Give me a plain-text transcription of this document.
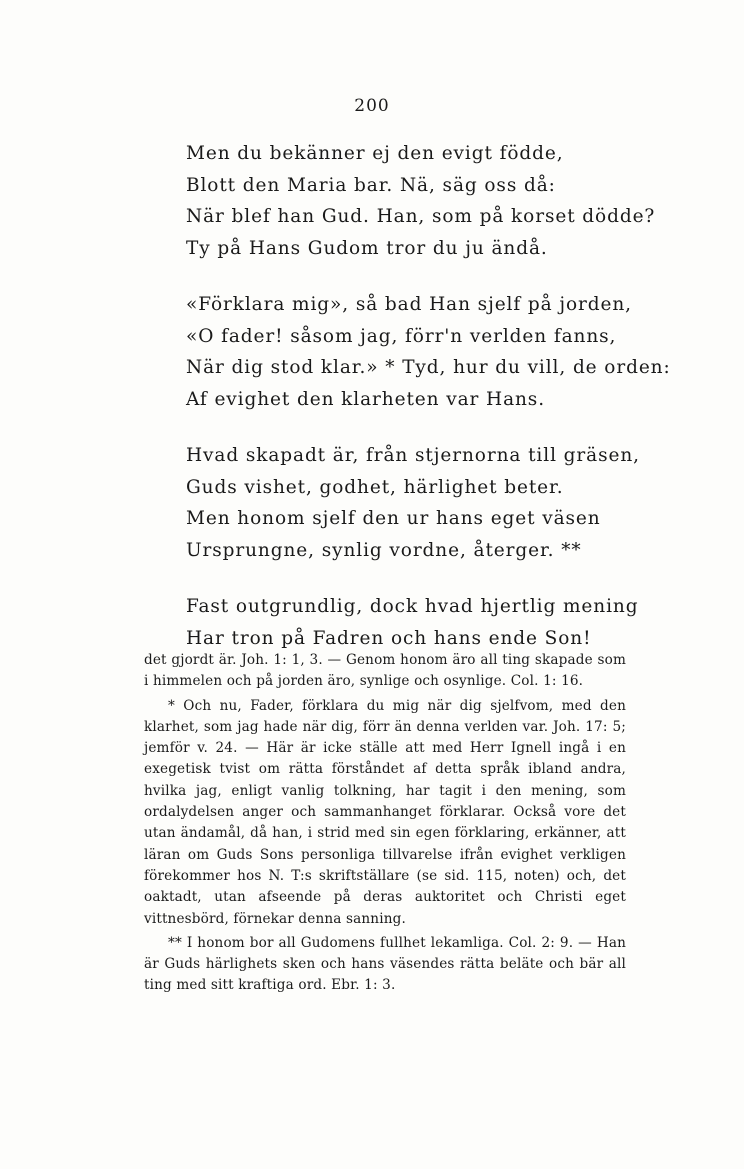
200
Men du bekänner ej den evigt födde,
Blott den Maria bar. Nä, säg oss då:
När blef han Gud. Han, som på korset dödde?
Ty på Hans Gudom tror du ju ändå.
«Förklara mig», så bad Han sjelf på jorden,
«O fader! såsom jag, förr'n verlden fanns,
När dig stod klar.» * Tyd, hur du vill, de orden:
Af evighet den klarheten var Hans.
Hvad skapadt är, från stjernorna till gräsen,
Guds vishet, godhet, härlighet beter.
Men honom sjelf den ur hans eget väsen
Ursprungne, synlig vordne, återger. **
Fast outgrundlig, dock hvad hjertlig mening
Har tron på Fadren och hans ende Son!

det gjordt är. Joh. 1: 1, 3. — Genom honom äro all ting skapade som i himmelen och på jorden äro, synlige och osynlige. Col. 1: 16.

* Och nu, Fader, förklara du mig när dig sjelfvom, med den klarhet, som jag hade när dig, förr än denna verlden var. Joh. 17: 5; jemför v. 24. — Här är icke ställe att med Herr Ignell ingå i en exegetisk tvist om rätta förståndet af detta språk ibland andra, hvilka jag, enligt vanlig tolkning, har tagit i den mening, som ordalydelsen anger och sammanhanget förklarar. Också vore det utan ändamål, då han, i strid med sin egen förklaring, erkänner, att läran om Guds Sons personliga tillvarelse ifrån evighet verkligen förekommer hos N. T:s skriftställare (se sid. 115, noten) och, det oaktadt, utan afseende på deras auktoritet och Christi eget vittnesbörd, förnekar denna sanning.

** I honom bor all Gudomens fullhet lekamliga. Col. 2: 9. — Han är Guds härlighets sken och hans väsendes rätta beläte och bär all ting med sitt kraftiga ord. Ebr. 1: 3.
